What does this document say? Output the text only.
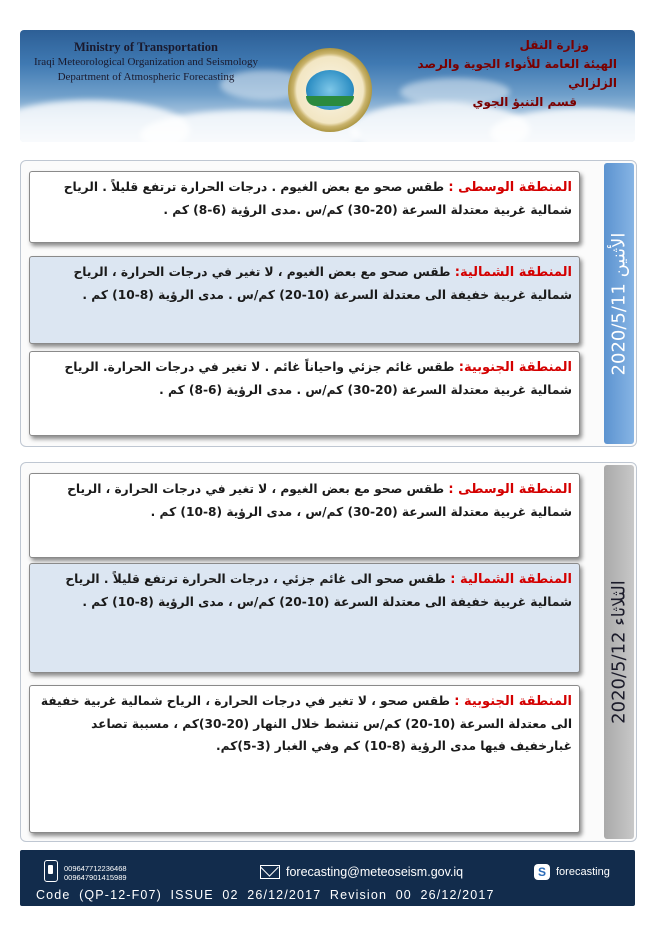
Ministry of Transportation
Iraqi Meteorological Organization and Seismology
Department of Atmospheric Forecasting
وزارة النقل
الهيئة العامة للأنواء الجوية والرصد الزلزالي
قسم التنبؤ الجوي
الأثنين 2020/5/11
المنطقة الوسطى : طقس صحو مع بعض الغيوم . درجات الحرارة ترتفع قليلاً . الرياح شمالية غربية معتدلة السرعة (20-30) كم/س .مدى الرؤية (6-8) كم .
المنطقة الشمالية: طقس صحو مع بعض الغيوم ، لا تغير في درجات الحرارة ، الرياح شمالية غربية خفيفة الى معتدلة السرعة (10-20) كم/س . مدى الرؤية (8-10) كم .
المنطقة الجنوبية: طقس غائم جزئي واحياناً غائم . لا تغير في درجات الحرارة. الرياح شمالية غربية معتدلة السرعة (20-30) كم/س . مدى الرؤية (6-8) كم .
الثلاثاء 2020/5/12
المنطقة الوسطى : طقس صحو مع بعض الغيوم ، لا تغير في درجات الحرارة ، الرياح شمالية غربية معتدلة السرعة (20-30) كم/س ، مدى الرؤية (8-10) كم .
المنطقة الشمالية : طقس صحو الى غائم جزئي ، درجات الحرارة ترتفع قليلاً . الرياح شمالية غربية خفيفة الى معتدلة السرعة (10-20) كم/س ، مدى الرؤية (8-10) كم .
المنطقة الجنوبية : طقس صحو ، لا تغير في درجات الحرارة ، الرياح شمالية غربية خفيفة الى معتدلة السرعة (10-20) كم/س تنشط خلال النهار (20-30)كم ، مسببة تصاعد غبارخفيف فيها مدى الرؤية (8-10) كم وفي الغبار (3-5)كم.
009647712236468
009647901415989	forecasting@meteoseism.gov.iq	S forecasting
Code (QP-12-F07) ISSUE 02 26/12/2017 Revision 00 26/12/2017
